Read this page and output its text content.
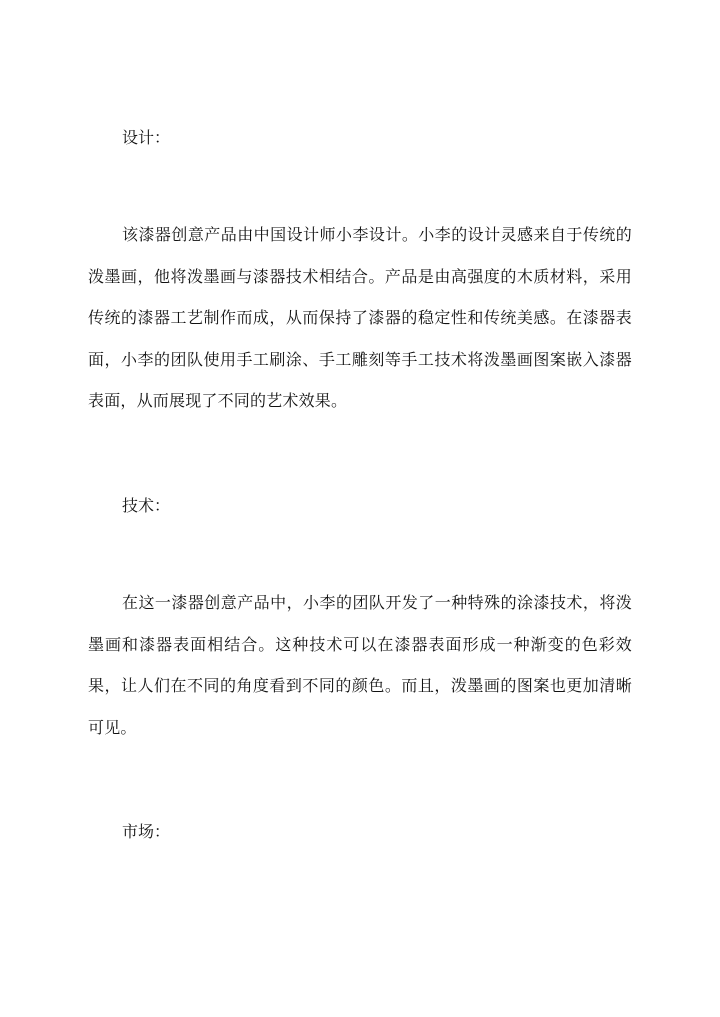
设计：

该漆器创意产品由中国设计师小李设计。小李的设计灵感来自于传统的泼墨画，他将泼墨画与漆器技术相结合。产品是由高强度的木质材料，采用传统的漆器工艺制作而成，从而保持了漆器的稳定性和传统美感。在漆器表面，小李的团队使用手工刷涂、手工雕刻等手工技术将泼墨画图案嵌入漆器表面，从而展现了不同的艺术效果。

技术：

在这一漆器创意产品中，小李的团队开发了一种特殊的涂漆技术，将泼墨画和漆器表面相结合。这种技术可以在漆器表面形成一种渐变的色彩效果，让人们在不同的角度看到不同的颜色。而且，泼墨画的图案也更加清晰可见。

市场：
